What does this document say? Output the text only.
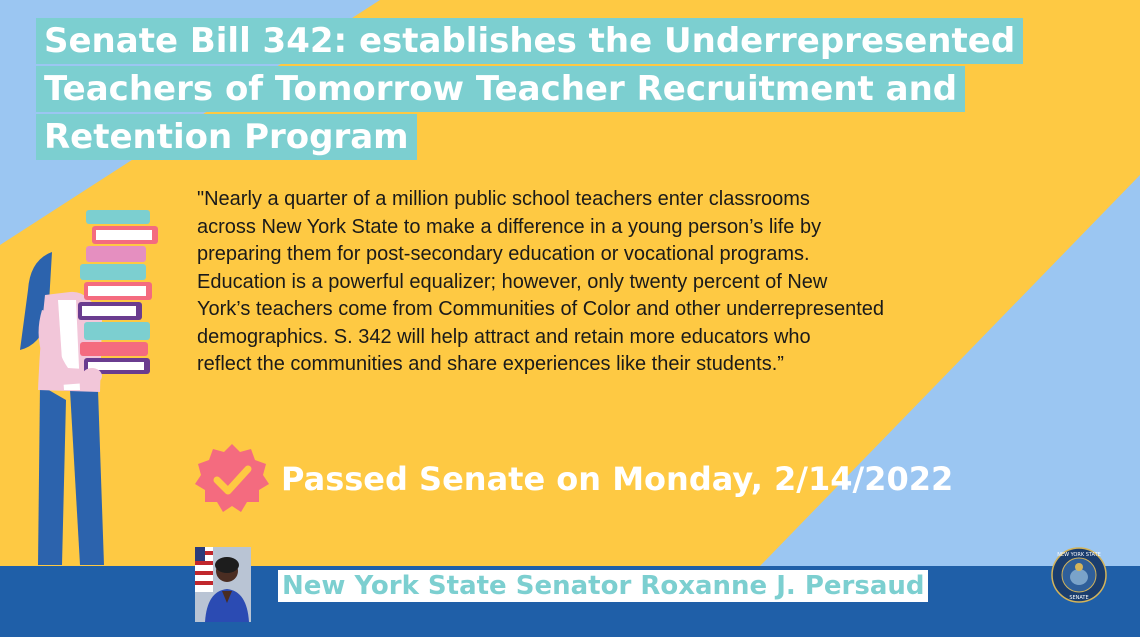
Senate Bill 342: establishes the Underrepresented
Teachers of Tomorrow Teacher Recruitment and
Retention Program

"Nearly a quarter of a million public school teachers enter classrooms
across New York State to make a difference in a young person’s life by
preparing them for post-secondary education or vocational programs.
Education is a powerful equalizer; however, only twenty percent of New
York’s teachers come from Communities of Color and other underrepresented
demographics. S. 342 will help attract and retain more educators who
reflect the communities and share experiences like their students.”

Passed Senate on Monday, 2/14/2022
New York State Senator Roxanne J. Persaud
NEW YORK STATE
SENATE
